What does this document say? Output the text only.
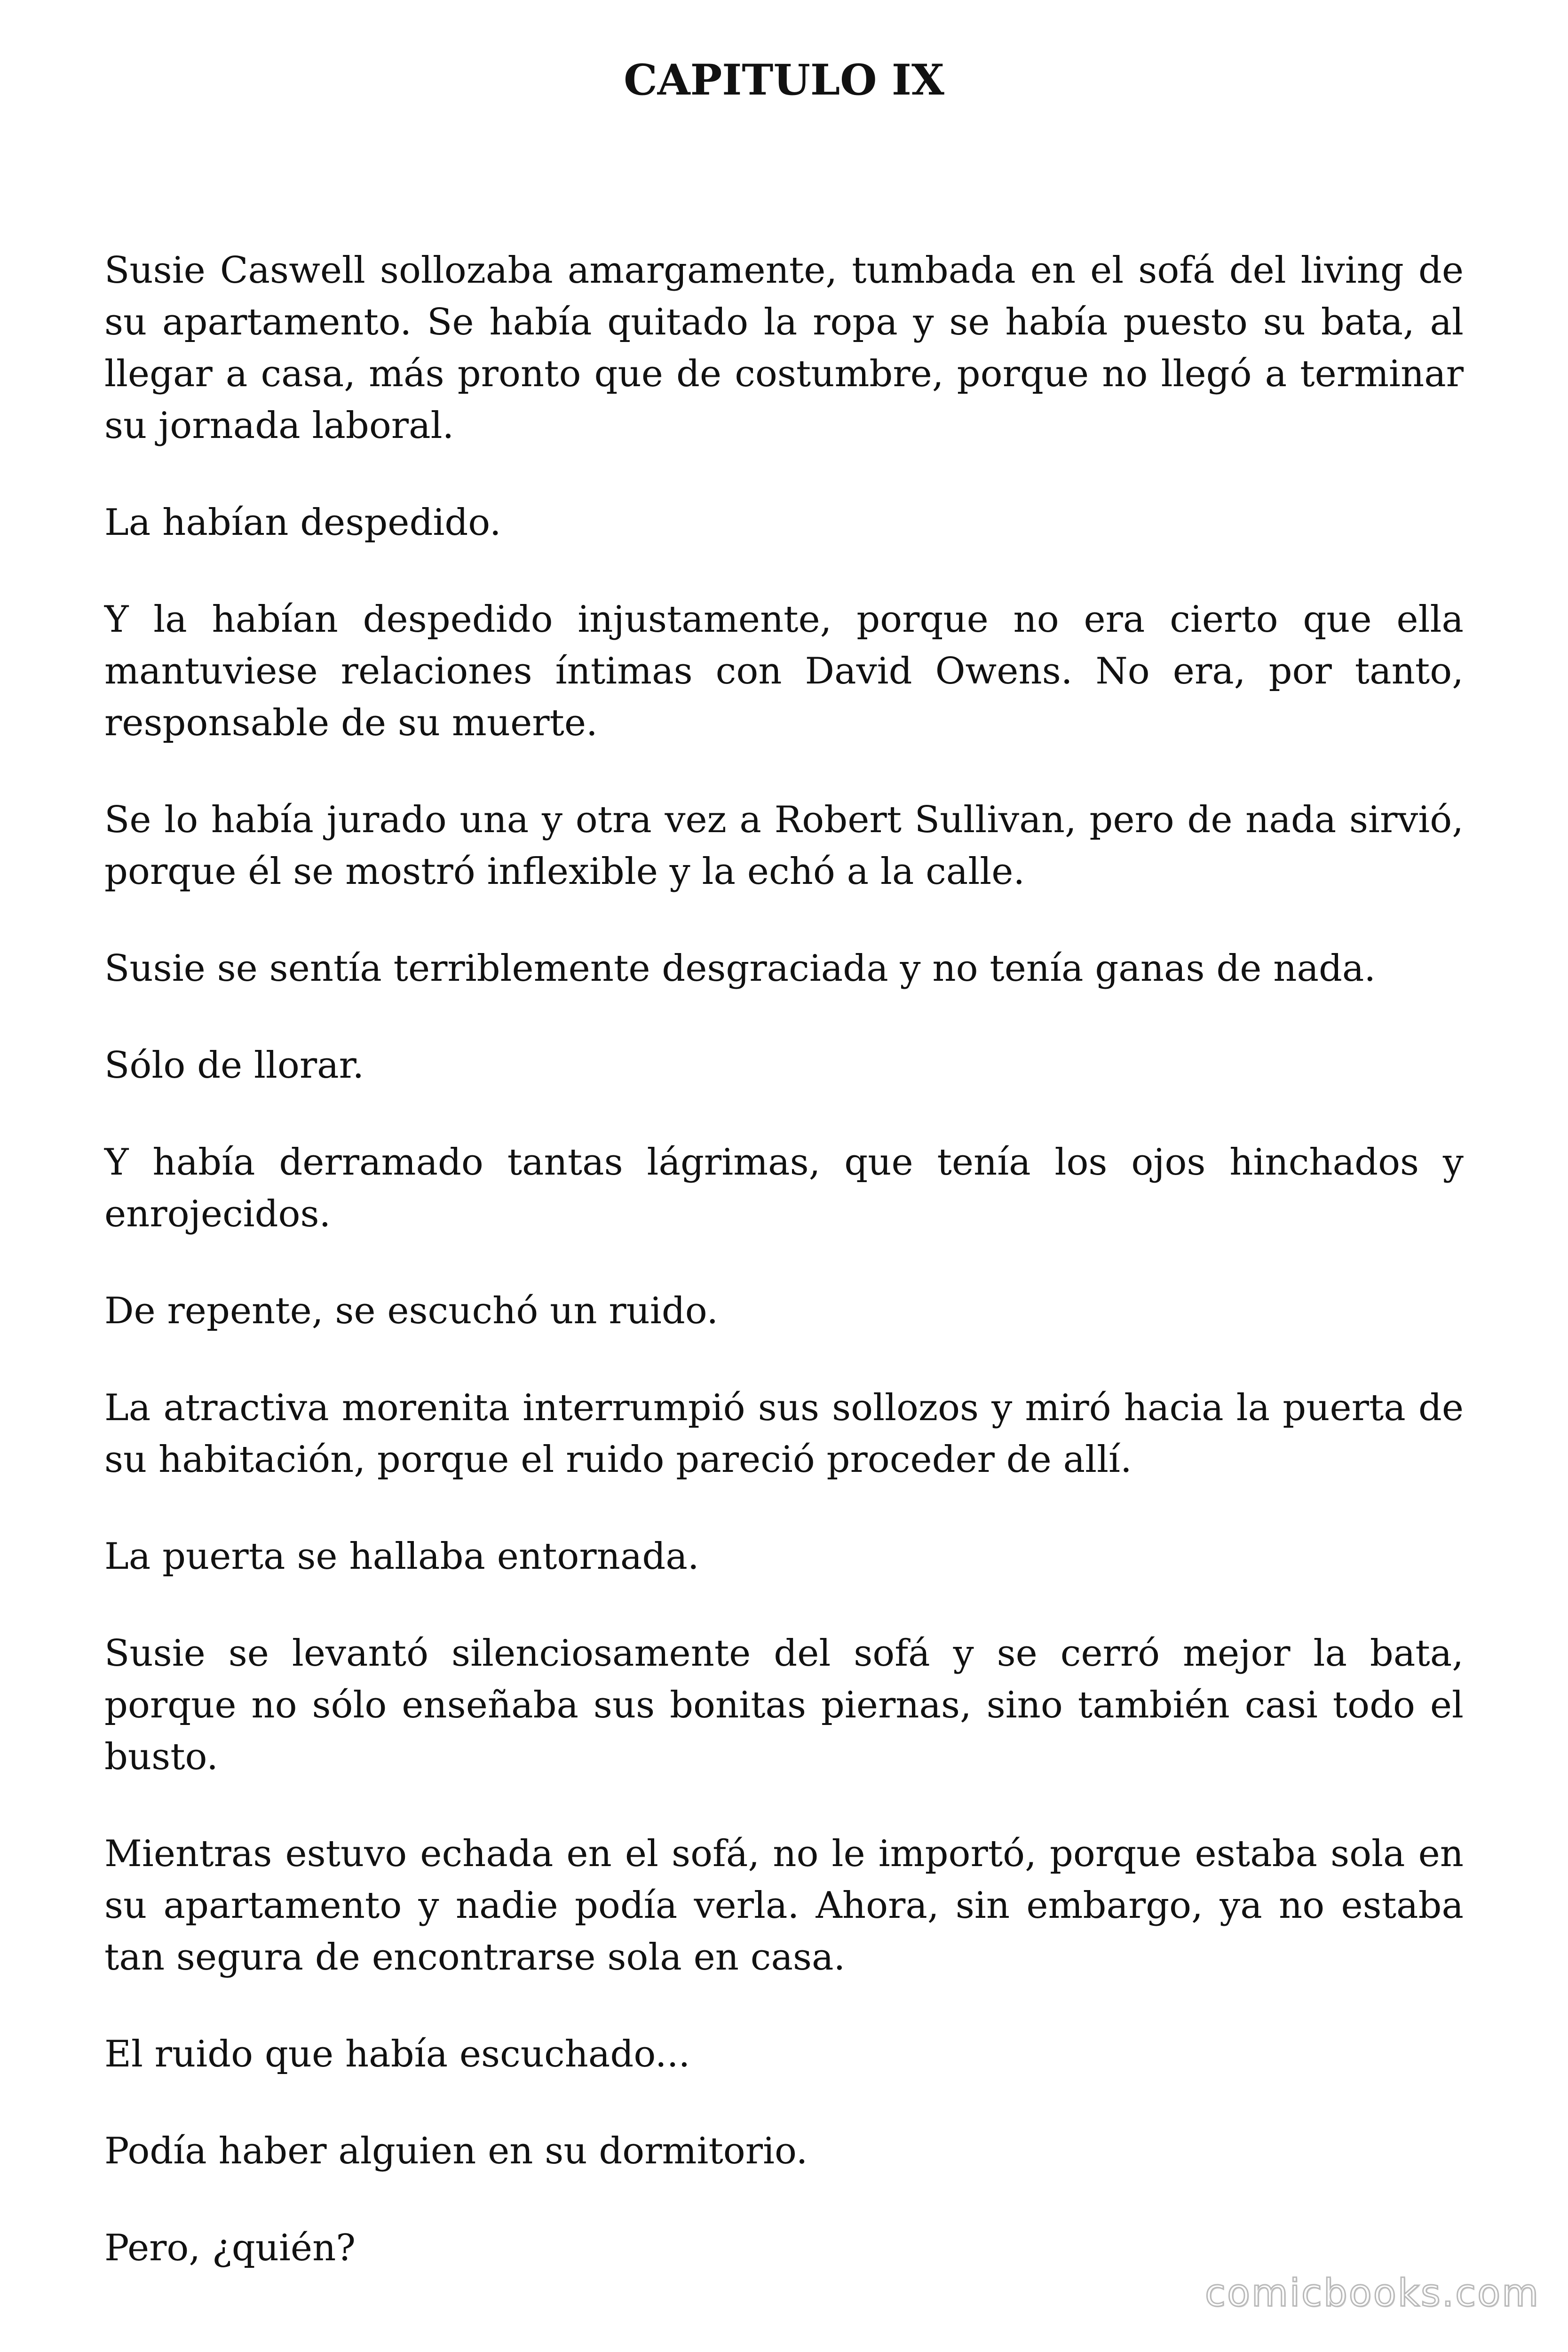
CAPITULO IX

Susie Caswell sollozaba amargamente, tumbada en el sofá del living de su apartamento. Se había quitado la ropa y se había puesto su bata, al llegar a casa, más pronto que de costumbre, porque no llegó a terminar su jornada laboral.

La habían despedido.

Y la habían despedido injustamente, porque no era cierto que ella mantuviese relaciones íntimas con David Owens. No era, por tanto, responsable de su muerte.

Se lo había jurado una y otra vez a Robert Sullivan, pero de nada sirvió, porque él se mostró inflexible y la echó a la calle.

Susie se sentía terriblemente desgraciada y no tenía ganas de nada.

Sólo de llorar.

Y había derramado tantas lágrimas, que tenía los ojos hinchados y enrojecidos.

De repente, se escuchó un ruido.

La atractiva morenita interrumpió sus sollozos y miró hacia la puerta de su habitación, porque el ruido pareció proceder de allí.

La puerta se hallaba entornada.

Susie se levantó silenciosamente del sofá y se cerró mejor la bata, porque no sólo enseñaba sus bonitas piernas, sino también casi todo el busto.

Mientras estuvo echada en el sofá, no le importó, porque estaba sola en su apartamento y nadie podía verla. Ahora, sin embargo, ya no estaba tan segura de encontrarse sola en casa.

El ruido que había escuchado...

Podía haber alguien en su dormitorio.

Pero, ¿quién?

comicbooks.com
